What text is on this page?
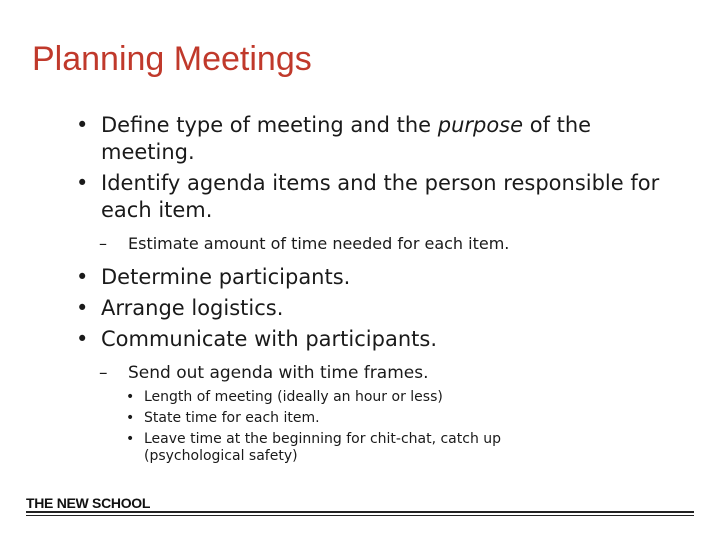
Planning Meetings
• Define type of meeting and the purpose of the meeting.
• Identify agenda items and the person responsible for each item.
– Estimate amount of time needed for each item.
• Determine participants.
• Arrange logistics.
• Communicate with participants.
– Send out agenda with time frames.
• Length of meeting (ideally an hour or less)
• State time for each item.
• Leave time at the beginning for chit-chat, catch up (psychological safety)
THE NEW SCHOOL
